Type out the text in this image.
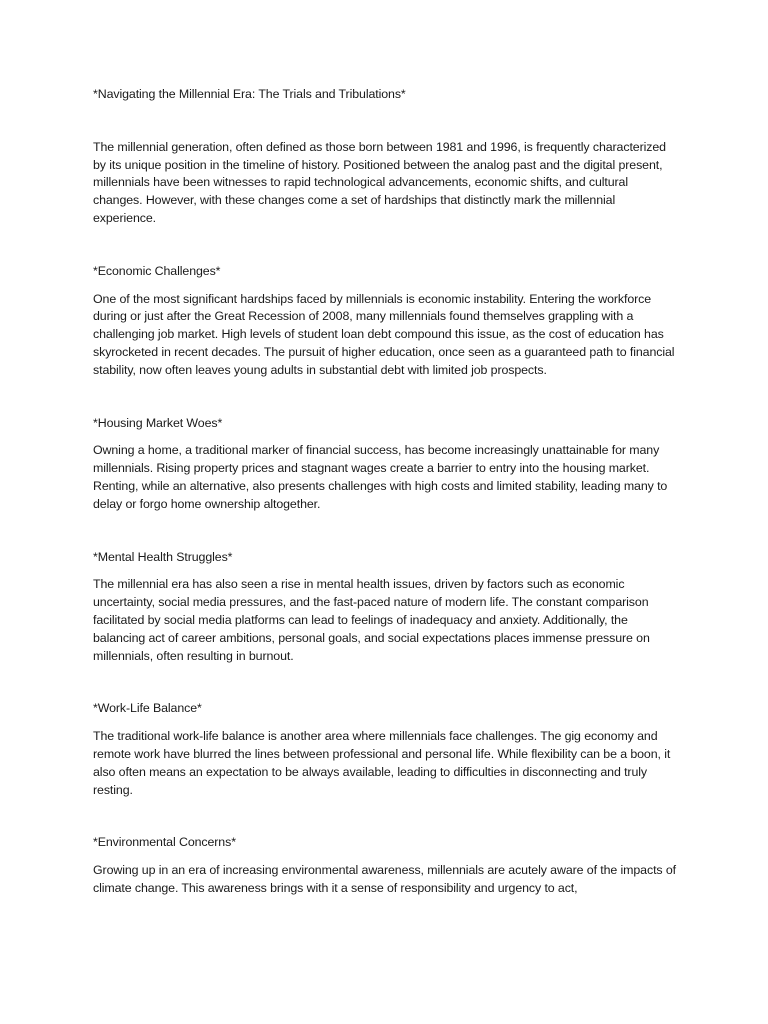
*Navigating the Millennial Era: The Trials and Tribulations*

The millennial generation, often defined as those born between 1981 and 1996, is frequently characterized by its unique position in the timeline of history. Positioned between the analog past and the digital present, millennials have been witnesses to rapid technological advancements, economic shifts, and cultural changes. However, with these changes come a set of hardships that distinctly mark the millennial experience.

*Economic Challenges*

One of the most significant hardships faced by millennials is economic instability. Entering the workforce during or just after the Great Recession of 2008, many millennials found themselves grappling with a challenging job market. High levels of student loan debt compound this issue, as the cost of education has skyrocketed in recent decades. The pursuit of higher education, once seen as a guaranteed path to financial stability, now often leaves young adults in substantial debt with limited job prospects.

*Housing Market Woes*

Owning a home, a traditional marker of financial success, has become increasingly unattainable for many millennials. Rising property prices and stagnant wages create a barrier to entry into the housing market. Renting, while an alternative, also presents challenges with high costs and limited stability, leading many to delay or forgo home ownership altogether.

*Mental Health Struggles*

The millennial era has also seen a rise in mental health issues, driven by factors such as economic uncertainty, social media pressures, and the fast-paced nature of modern life. The constant comparison facilitated by social media platforms can lead to feelings of inadequacy and anxiety. Additionally, the balancing act of career ambitions, personal goals, and social expectations places immense pressure on millennials, often resulting in burnout.

*Work-Life Balance*

The traditional work-life balance is another area where millennials face challenges. The gig economy and remote work have blurred the lines between professional and personal life. While flexibility can be a boon, it also often means an expectation to be always available, leading to difficulties in disconnecting and truly resting.

*Environmental Concerns*

Growing up in an era of increasing environmental awareness, millennials are acutely aware of the impacts of climate change. This awareness brings with it a sense of responsibility and urgency to act,
